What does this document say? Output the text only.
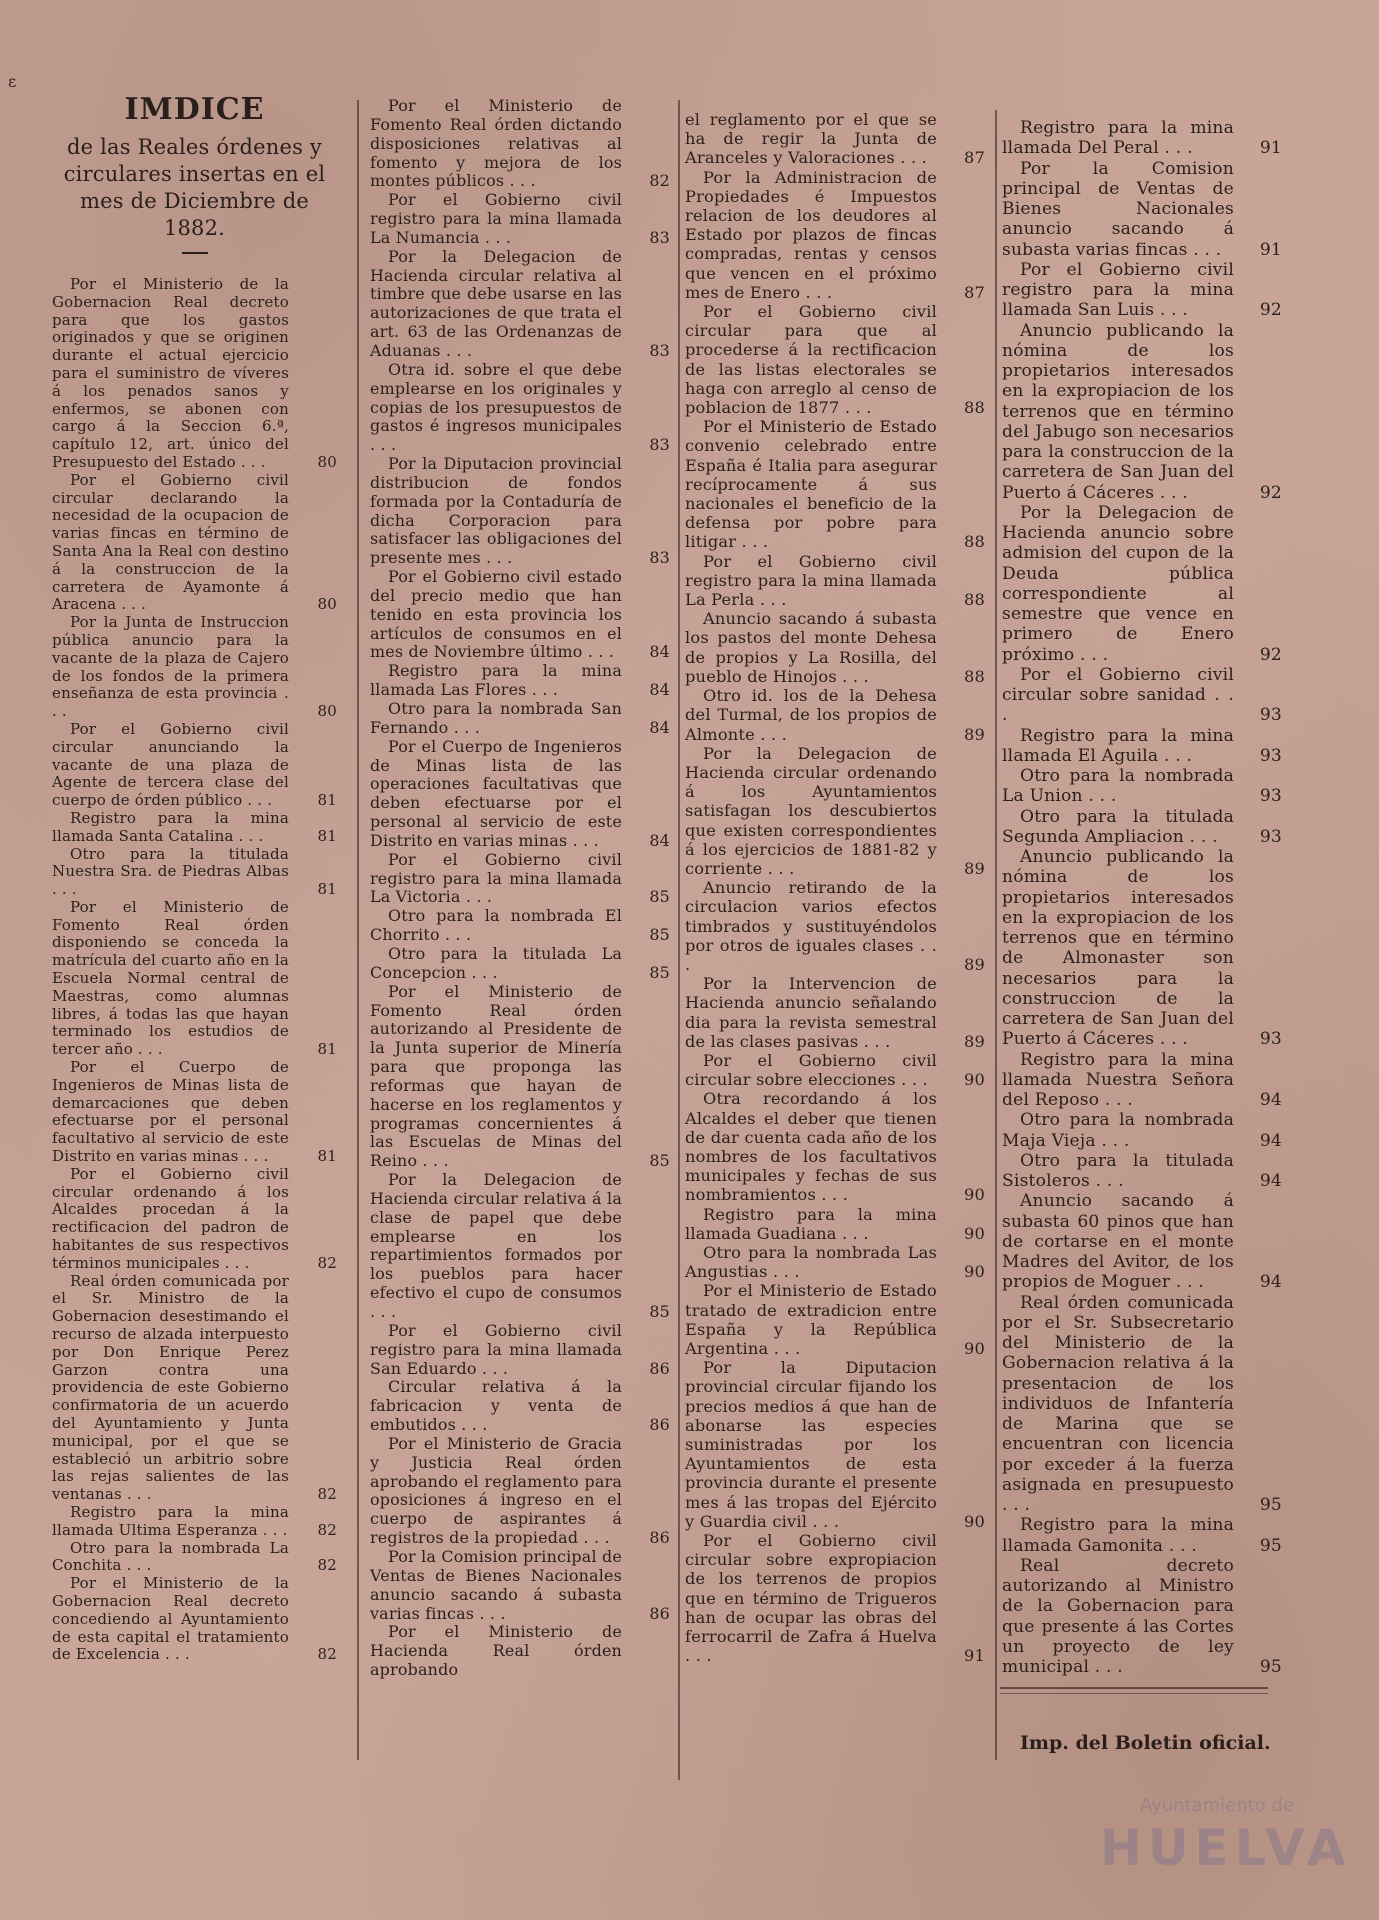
ɛ
IMDICE

de las Reales órdenes y circulares insertas en el mes de Diciembre de 1882.

Por el Ministerio de la Gobernacion Real decreto para que los gastos originados y que se originen durante el actual ejercicio para el suministro de víveres á los penados sanos y enfermos, se abonen con cargo á la Seccion 6.ª, capítulo 12, art. único del Presupuesto del Estado . . .	80

Por el Gobierno civil circular declarando la necesidad de la ocupacion de varias fincas en término de Santa Ana la Real con destino á la construccion de la carretera de Ayamonte á Aracena . . .	80

Por la Junta de Instruccion pública anuncio para la vacante de la plaza de Cajero de los fondos de la primera enseñanza de esta provincia . . .	80

Por el Gobierno civil circular anunciando la vacante de una plaza de Agente de tercera clase del cuerpo de órden público . . .	81

Registro para la mina llamada Santa Catalina . . .	81

Otro para la titulada Nuestra Sra. de Piedras Albas . . .	81

Por el Ministerio de Fomento Real órden disponiendo se conceda la matrícula del cuarto año en la Escuela Normal central de Maestras, como alumnas libres, á todas las que hayan terminado los estudios de tercer año . . .	81

Por el Cuerpo de Ingenieros de Minas lista de demarcaciones que deben efectuarse por el personal facultativo al servicio de este Distrito en varias minas . . .	81

Por el Gobierno civil circular ordenando á los Alcaldes procedan á la rectificacion del padron de habitantes de sus respectivos términos municipales . . .	82

Real órden comunicada por el Sr. Ministro de la Gobernacion desestimando el recurso de alzada interpuesto por Don Enrique Perez Garzon contra una providencia de este Gobierno confirmatoria de un acuerdo del Ayuntamiento y Junta municipal, por el que se estableció un arbitrio sobre las rejas salientes de las ventanas . . .	82

Registro para la mina llamada Ultima Esperanza . . . 82

Otro para la nombrada La Conchita . . .	82

Por el Ministerio de la Gobernacion Real decreto concediendo al Ayuntamiento de esta capital el tratamiento de Excelencia . . .	82

Por el Ministerio de Fomento Real órden dictando disposiciones relativas al fomento y mejora de los montes públicos . . .	82

Por el Gobierno civil registro para la mina llamada La Numancia . . .	83

Por la Delegacion de Hacienda circular relativa al timbre que debe usarse en las autorizaciones de que trata el art. 63 de las Ordenanzas de Aduanas . . .	83

Otra id. sobre el que debe emplearse en los originales y copias de los presupuestos de gastos é ingresos municipales . . .	83

Por la Diputacion provincial distribucion de fondos formada por la Contaduría de dicha Corporacion para satisfacer las obligaciones del presente mes . . .	83

Por el Gobierno civil estado del precio medio que han tenido en esta provincia los artículos de consumos en el mes de Noviembre último . . . 84

Registro para la mina llamada Las Flores . . .	84

Otro para la nombrada San Fernando . . .	84

Por el Cuerpo de Ingenieros de Minas lista de las operaciones facultativas que deben efectuarse por el personal al servicio de este Distrito en varias minas . . .	84

Por el Gobierno civil registro para la mina llamada La Victoria . . .	85

Otro para la nombrada El Chorrito . . .	85

Otro para la titulada La Concepcion . . .	85

Por el Ministerio de Fomento Real órden autorizando al Presidente de la Junta superior de Minería para que proponga las reformas que hayan de hacerse en los reglamentos y programas concernientes á las Escuelas de Minas del Reino . . .	85

Por la Delegacion de Hacienda circular relativa á la clase de papel que debe emplearse en los repartimientos formados por los pueblos para hacer efectivo el cupo de consumos . . .	85

Por el Gobierno civil registro para la mina llamada San Eduardo . . .	86

Circular relativa á la fabricacion y venta de embutidos . . .	86

Por el Ministerio de Gracia y Justicia Real órden aprobando el reglamento para oposiciones á ingreso en el cuerpo de aspirantes á registros de la propiedad . . . 86

Por la Comision principal de Ventas de Bienes Nacionales anuncio sacando á subasta varias fincas . . .	86

Por el Ministerio de Hacienda Real órden aprobando

el reglamento por el que se ha de regir la Junta de Aranceles y Valoraciones . . . 87

Por la Administracion de Propiedades é Impuestos relacion de los deudores al Estado por plazos de fincas compradas, rentas y censos que vencen en el próximo mes de Enero . . .	87

Por el Gobierno civil circular para que al procederse á la rectificacion de las listas electorales se haga con arreglo al censo de poblacion de 1877 . . .	88

Por el Ministerio de Estado convenio celebrado entre España é Italia para asegurar recíprocamente á sus nacionales el beneficio de la defensa por pobre para litigar . . .	88

Por el Gobierno civil registro para la mina llamada La Perla . . .	88

Anuncio sacando á subasta los pastos del monte Dehesa de propios y La Rosilla, del pueblo de Hinojos . . .	88

Otro id. los de la Dehesa del Turmal, de los propios de Almonte . . .	89

Por la Delegacion de Hacienda circular ordenando á los Ayuntamientos satisfagan los descubiertos que existen correspondientes á los ejercicios de 1881-82 y corriente . . .	89

Anuncio retirando de la circulacion varios efectos timbrados y sustituyéndolos por otros de iguales clases . . .	89

Por la Intervencion de Hacienda anuncio señalando dia para la revista semestral de las clases pasivas . . .	89

Por el Gobierno civil circular sobre elecciones . . . 90

Otra recordando á los Alcaldes el deber que tienen de dar cuenta cada año de los nombres de los facultativos municipales y fechas de sus nombramientos . . .	90

Registro para la mina llamada Guadiana . . .	90

Otro para la nombrada Las Angustias . . .	90

Por el Ministerio de Estado tratado de extradicion entre España y la República Argentina . . .	90

Por la Diputacion provincial circular fijando los precios medios á que han de abonarse las especies suministradas por los Ayuntamientos de esta provincia durante el presente mes á las tropas del Ejército y Guardia civil . . .	90

Por el Gobierno civil circular sobre expropiacion de los terrenos de propios que en término de Trigueros han de ocupar las obras del ferrocarril de Zafra á Huelva . . .	91

Registro para la mina llamada Del Peral . . .	91

Por la Comision principal de Ventas de Bienes Nacionales anuncio sacando á subasta varias fincas . . . 91

Por el Gobierno civil registro para la mina llamada San Luis . . .	92

Anuncio publicando la nómina de los propietarios interesados en la expropiacion de los terrenos que en término del Jabugo son necesarios para la construccion de la carretera de San Juan del Puerto á Cáceres . . .	92

Por la Delegacion de Hacienda anuncio sobre admision del cupon de la Deuda pública correspondiente al semestre que vence en primero de Enero próximo . . .	92

Por el Gobierno civil circular sobre sanidad . . .	93

Registro para la mina llamada El Aguila . . .	93

Otro para la nombrada La Union . . .	93

Otro para la titulada Segunda Ampliacion . . . 93

Anuncio publicando la nómina de los propietarios interesados en la expropiacion de los terrenos que en término de Almonaster son necesarios para la construccion de la carretera de San Juan del Puerto á Cáceres . . .	93

Registro para la mina llamada Nuestra Señora del Reposo . . .	94

Otro para la nombrada Maja Vieja . . .	94

Otro para la titulada Sistoleros . . .	94

Anuncio sacando á subasta 60 pinos que han de cortarse en el monte Madres del Avitor, de los propios de Moguer . . .	94

Real órden comunicada por el Sr. Subsecretario del Ministerio de la Gobernacion relativa á la presentacion de los individuos de Infantería de Marina que se encuentran con licencia por exceder á la fuerza asignada en presupuesto . . .	95

Registro para la mina llamada Gamonita . . .	95

Real decreto autorizando al Ministro de la Gobernacion para que presente á las Cortes un proyecto de ley municipal . . .	95

Imp. del Boletin oficial.
Ayuntamiento de
HUELVA
